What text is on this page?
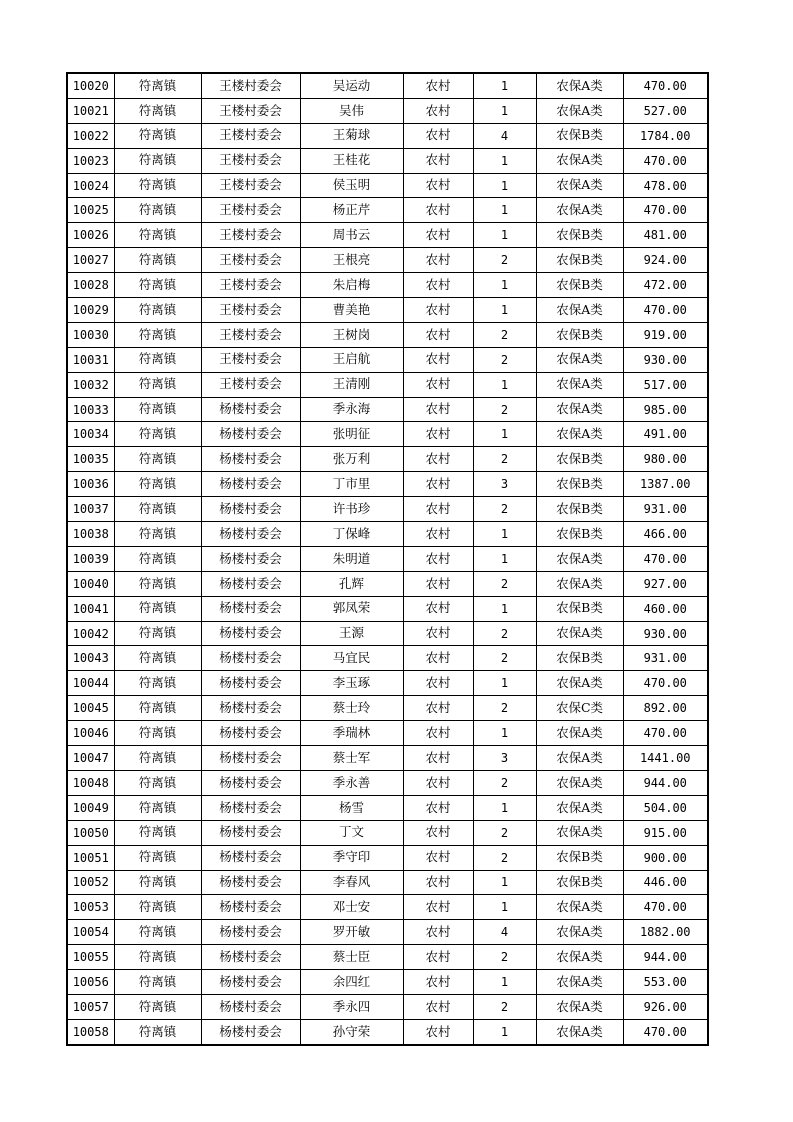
10020	符离镇	王楼村委会	吴运动	农村	1	农保A类	470.00
10021	符离镇	王楼村委会	吴伟	农村	1	农保A类	527.00
10022	符离镇	王楼村委会	王菊球	农村	4	农保B类	1784.00
10023	符离镇	王楼村委会	王桂花	农村	1	农保A类	470.00
10024	符离镇	王楼村委会	侯玉明	农村	1	农保A类	478.00
10025	符离镇	王楼村委会	杨正芹	农村	1	农保A类	470.00
10026	符离镇	王楼村委会	周书云	农村	1	农保B类	481.00
10027	符离镇	王楼村委会	王根亮	农村	2	农保B类	924.00
10028	符离镇	王楼村委会	朱启梅	农村	1	农保B类	472.00
10029	符离镇	王楼村委会	曹美艳	农村	1	农保A类	470.00
10030	符离镇	王楼村委会	王树岗	农村	2	农保B类	919.00
10031	符离镇	王楼村委会	王启航	农村	2	农保A类	930.00
10032	符离镇	王楼村委会	王清刚	农村	1	农保A类	517.00
10033	符离镇	杨楼村委会	季永海	农村	2	农保A类	985.00
10034	符离镇	杨楼村委会	张明征	农村	1	农保A类	491.00
10035	符离镇	杨楼村委会	张万利	农村	2	农保B类	980.00
10036	符离镇	杨楼村委会	丁市里	农村	3	农保B类	1387.00
10037	符离镇	杨楼村委会	许书珍	农村	2	农保B类	931.00
10038	符离镇	杨楼村委会	丁保峰	农村	1	农保B类	466.00
10039	符离镇	杨楼村委会	朱明道	农村	1	农保A类	470.00
10040	符离镇	杨楼村委会	孔辉	农村	2	农保A类	927.00
10041	符离镇	杨楼村委会	郭凤荣	农村	1	农保B类	460.00
10042	符离镇	杨楼村委会	王源	农村	2	农保A类	930.00
10043	符离镇	杨楼村委会	马宜民	农村	2	农保B类	931.00
10044	符离镇	杨楼村委会	李玉琢	农村	1	农保A类	470.00
10045	符离镇	杨楼村委会	蔡士玲	农村	2	农保C类	892.00
10046	符离镇	杨楼村委会	季瑞林	农村	1	农保A类	470.00
10047	符离镇	杨楼村委会	蔡士军	农村	3	农保A类	1441.00
10048	符离镇	杨楼村委会	季永善	农村	2	农保A类	944.00
10049	符离镇	杨楼村委会	杨雪	农村	1	农保A类	504.00
10050	符离镇	杨楼村委会	丁文	农村	2	农保A类	915.00
10051	符离镇	杨楼村委会	季守印	农村	2	农保B类	900.00
10052	符离镇	杨楼村委会	李春风	农村	1	农保B类	446.00
10053	符离镇	杨楼村委会	邓士安	农村	1	农保A类	470.00
10054	符离镇	杨楼村委会	罗开敏	农村	4	农保A类	1882.00
10055	符离镇	杨楼村委会	蔡士臣	农村	2	农保A类	944.00
10056	符离镇	杨楼村委会	余四红	农村	1	农保A类	553.00
10057	符离镇	杨楼村委会	季永四	农村	2	农保A类	926.00
10058	符离镇	杨楼村委会	孙守荣	农村	1	农保A类	470.00
